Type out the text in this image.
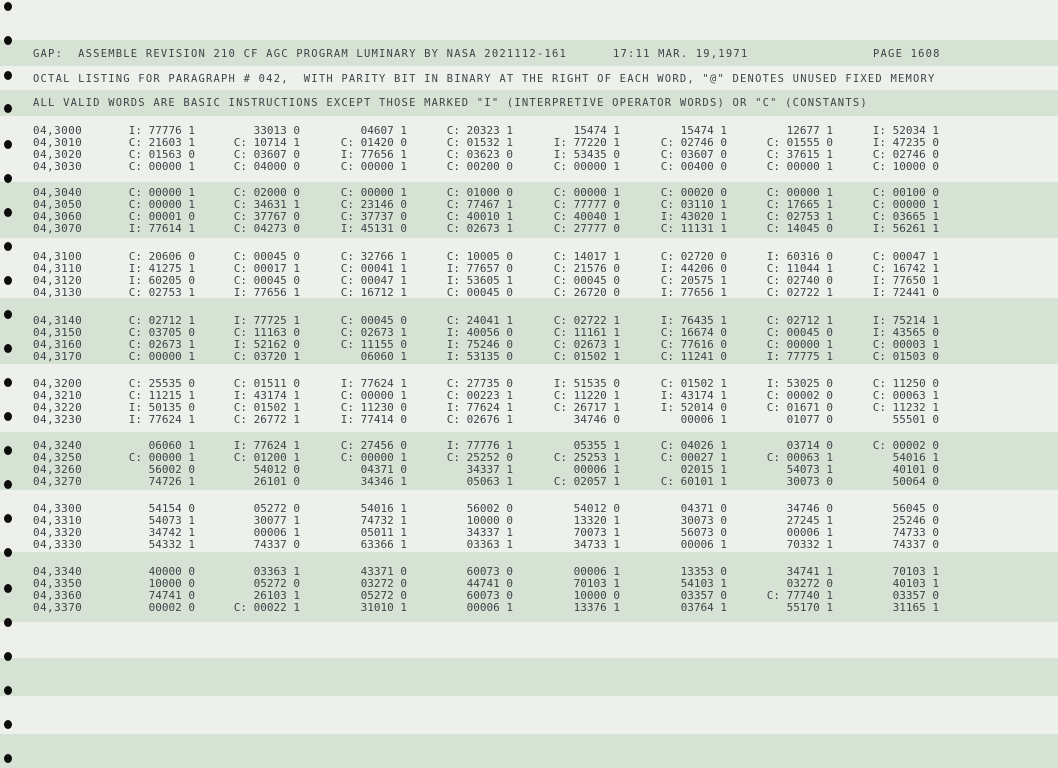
GAP:  ASSEMBLE REVISION 210 CF AGC PROGRAM LUMINARY BY NASA 2021112-161	17:11 MAR. 19,1971	PAGE 1608
OCTAL LISTING FOR PARAGRAPH # 042,  WITH PARITY BIT IN BINARY AT THE RIGHT OF EACH WORD, "@" DENOTES UNUSED FIXED MEMORY
ALL VALID WORDS ARE BASIC INSTRUCTIONS EXCEPT THOSE MARKED "I" (INTERPRETIVE OPERATOR WORDS) OR "C" (CONSTANTS)
04,3000	I: 77776 1	33013 0	04607 1	C: 20323 1	15474 1	15474 1	12677 1	I: 52034 1
04,3010	C: 21603 1	C: 10714 1	C: 01420 0	C: 01532 1	I: 77220 1	C: 02746 0	C: 01555 0	I: 47235 0
04,3020	C: 01563 0	C: 03607 0	I: 77656 1	C: 03623 0	I: 53435 0	C: 03607 0	C: 37615 1	C: 02746 0
04,3030	C: 00000 1	C: 04000 0	C: 00000 1	C: 00200 0	C: 00000 1	C: 00400 0	C: 00000 1	C: 10000 0
04,3040	C: 00000 1	C: 02000 0	C: 00000 1	C: 01000 0	C: 00000 1	C: 00020 0	C: 00000 1	C: 00100 0
04,3050	C: 00000 1	C: 34631 1	C: 23146 0	C: 77467 1	C: 77777 0	C: 03110 1	C: 17665 1	C: 00000 1
04,3060	C: 00001 0	C: 37767 0	C: 37737 0	C: 40010 1	C: 40040 1	I: 43020 1	C: 02753 1	C: 03665 1
04,3070	I: 77614 1	C: 04273 0	I: 45131 0	C: 02673 1	C: 27777 0	C: 11131 1	C: 14045 0	I: 56261 1
04,3100	C: 20606 0	C: 00045 0	C: 32766 1	C: 10005 0	C: 14017 1	C: 02720 0	I: 60316 0	C: 00047 1
04,3110	I: 41275 1	C: 00017 1	C: 00041 1	I: 77657 0	C: 21576 0	I: 44206 0	C: 11044 1	C: 16742 1
04,3120	I: 60205 0	C: 00045 0	C: 00047 1	I: 53605 1	C: 00045 0	C: 20575 1	C: 02740 0	I: 77650 1
04,3130	C: 02753 1	I: 77656 1	C: 16712 1	C: 00045 0	C: 26720 0	I: 77656 1	C: 02722 1	I: 72441 0
04,3140	C: 02712 1	I: 77725 1	C: 00045 0	C: 24041 1	C: 02722 1	I: 76435 1	C: 02712 1	I: 75214 1
04,3150	C: 03705 0	C: 11163 0	C: 02673 1	I: 40056 0	C: 11161 1	C: 16674 0	C: 00045 0	I: 43565 0
04,3160	C: 02673 1	I: 52162 0	C: 11155 0	I: 75246 0	C: 02673 1	C: 77616 0	C: 00000 1	C: 00003 1
04,3170	C: 00000 1	C: 03720 1	06060 1	I: 53135 0	C: 01502 1	C: 11241 0	I: 77775 1	C: 01503 0
04,3200	C: 25535 0	C: 01511 0	I: 77624 1	C: 27735 0	I: 51535 0	C: 01502 1	I: 53025 0	C: 11250 0
04,3210	C: 11215 1	I: 43174 1	C: 00000 1	C: 00223 1	C: 11220 1	I: 43174 1	C: 00002 0	C: 00063 1
04,3220	I: 50135 0	C: 01502 1	C: 11230 0	I: 77624 1	C: 26717 1	I: 52014 0	C: 01671 0	C: 11232 1
04,3230	I: 77624 1	C: 26772 1	I: 77414 0	C: 02676 1	34746 0	00006 1	01077 0	55501 0
04,3240	06060 1	I: 77624 1	C: 27456 0	I: 77776 1	05355 1	C: 04026 1	03714 0	C: 00002 0
04,3250	C: 00000 1	C: 01200 1	C: 00000 1	C: 25252 0	C: 25253 1	C: 00027 1	C: 00063 1	54016 1
04,3260	56002 0	54012 0	04371 0	34337 1	00006 1	02015 1	54073 1	40101 0
04,3270	74726 1	26101 0	34346 1	05063 1	C: 02057 1	C: 60101 1	30073 0	50064 0
04,3300	54154 0	05272 0	54016 1	56002 0	54012 0	04371 0	34746 0	56045 0
04,3310	54073 1	30077 1	74732 1	10000 0	13320 1	30073 0	27245 1	25246 0
04,3320	34742 1	00006 1	05011 1	34337 1	70073 1	56073 0	00006 1	74733 0
04,3330	54332 1	74337 0	63366 1	03363 1	34733 1	00006 1	70332 1	74337 0
04,3340	40000 0	03363 1	43371 0	60073 0	00006 1	13353 0	34741 1	70103 1
04,3350	10000 0	05272 0	03272 0	44741 0	70103 1	54103 1	03272 0	40103 1
04,3360	74741 0	26103 1	05272 0	60073 0	10000 0	03357 0	C: 77740 1	03357 0
04,3370	00002 0	C: 00022 1	31010 1	00006 1	13376 1	03764 1	55170 1	31165 1
